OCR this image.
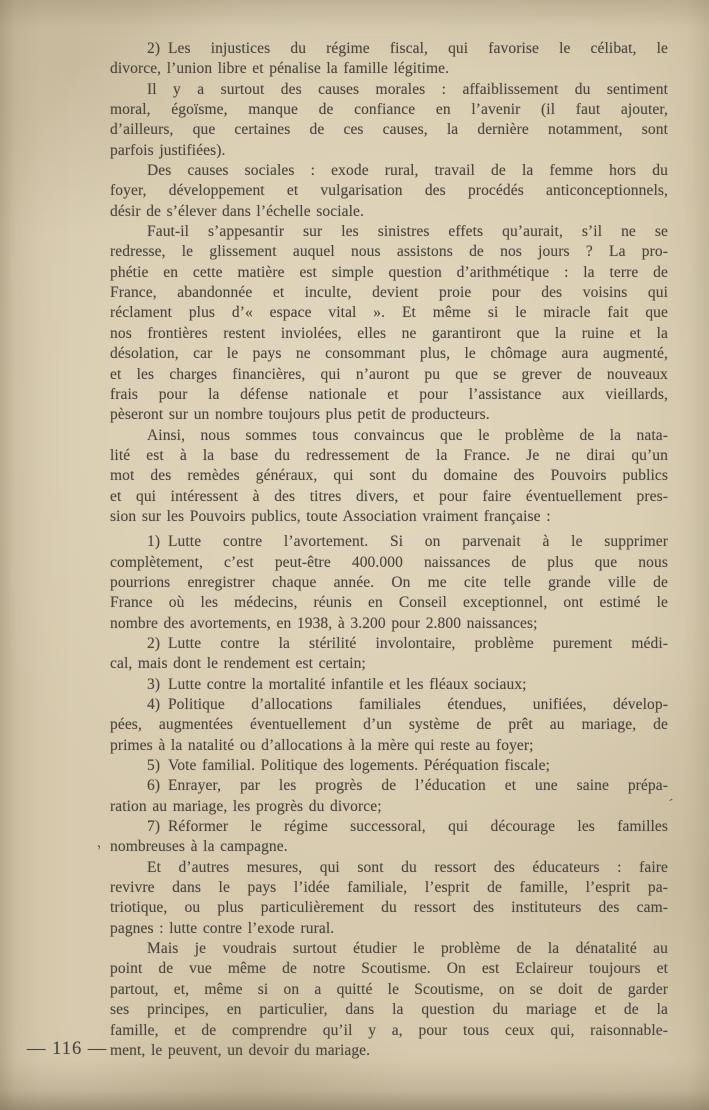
2) Les injustices du régime fiscal, qui favorise le célibat, le
divorce, l’union libre et pénalise la famille légitime.
Il y a surtout des causes morales : affaiblissement du sentiment
moral, égoïsme, manque de confiance en l’avenir (il faut ajouter,
d’ailleurs, que certaines de ces causes, la dernière notamment, sont
parfois justifiées).
Des causes sociales : exode rural, travail de la femme hors du
foyer, développement et vulgarisation des procédés anticonceptionnels,
désir de s’élever dans l’échelle sociale.
Faut-il s’appesantir sur les sinistres effets qu’aurait, s’il ne se
redresse, le glissement auquel nous assistons de nos jours ? La pro-
phétie en cette matière est simple question d’arithmétique : la terre de
France, abandonnée et inculte, devient proie pour des voisins qui
réclament plus d’« espace vital ». Et même si le miracle fait que
nos frontières restent inviolées, elles ne garantiront que la ruine et la
désolation, car le pays ne consommant plus, le chômage aura augmenté,
et les charges financières, qui n’auront pu que se grever de nouveaux
frais pour la défense nationale et pour l’assistance aux vieillards,
pèseront sur un nombre toujours plus petit de producteurs.
Ainsi, nous sommes tous convaincus que le problème de la nata-
lité est à la base du redressement de la France. Je ne dirai qu’un
mot des remèdes généraux, qui sont du domaine des Pouvoirs publics
et qui intéressent à des titres divers, et pour faire éventuellement pres-
sion sur les Pouvoirs publics, toute Association vraiment française :
1) Lutte contre l’avortement. Si on parvenait à le supprimer
complètement, c’est peut-être 400.000 naissances de plus que nous
pourrions enregistrer chaque année. On me cite telle grande ville de
France où les médecins, réunis en Conseil exceptionnel, ont estimé le
nombre des avortements, en 1938, à 3.200 pour 2.800 naissances;
2) Lutte contre la stérilité involontaire, problème purement médi-
cal, mais dont le rendement est certain;
3) Lutte contre la mortalité infantile et les fléaux sociaux;
4) Politique d’allocations familiales étendues, unifiées, dévelop-
pées, augmentées éventuellement d’un système de prêt au mariage, de
primes à la natalité ou d’allocations à la mère qui reste au foyer;
5) Vote familial. Politique des logements. Péréquation fiscale;
6) Enrayer, par les progrès de l’éducation et une saine prépa-
ration au mariage, les progrès du divorce;
7) Réformer le régime successoral, qui décourage les familles
nombreuses à la campagne.
Et d’autres mesures, qui sont du ressort des éducateurs : faire
revivre dans le pays l’idée familiale, l’esprit de famille, l’esprit pa-
triotique, ou plus particulièrement du ressort des instituteurs des cam-
pagnes : lutte contre l’exode rural.
Mais je voudrais surtout étudier le problème de la dénatalité au
point de vue même de notre Scoutisme. On est Eclaireur toujours et
partout, et, même si on a quitté le Scoutisme, on se doit de garder
ses principes, en particulier, dans la question du mariage et de la
famille, et de comprendre qu’il y a, pour tous ceux qui, raisonnable-
ment, le peuvent, un devoir du mariage.
— 116 —
,
´
